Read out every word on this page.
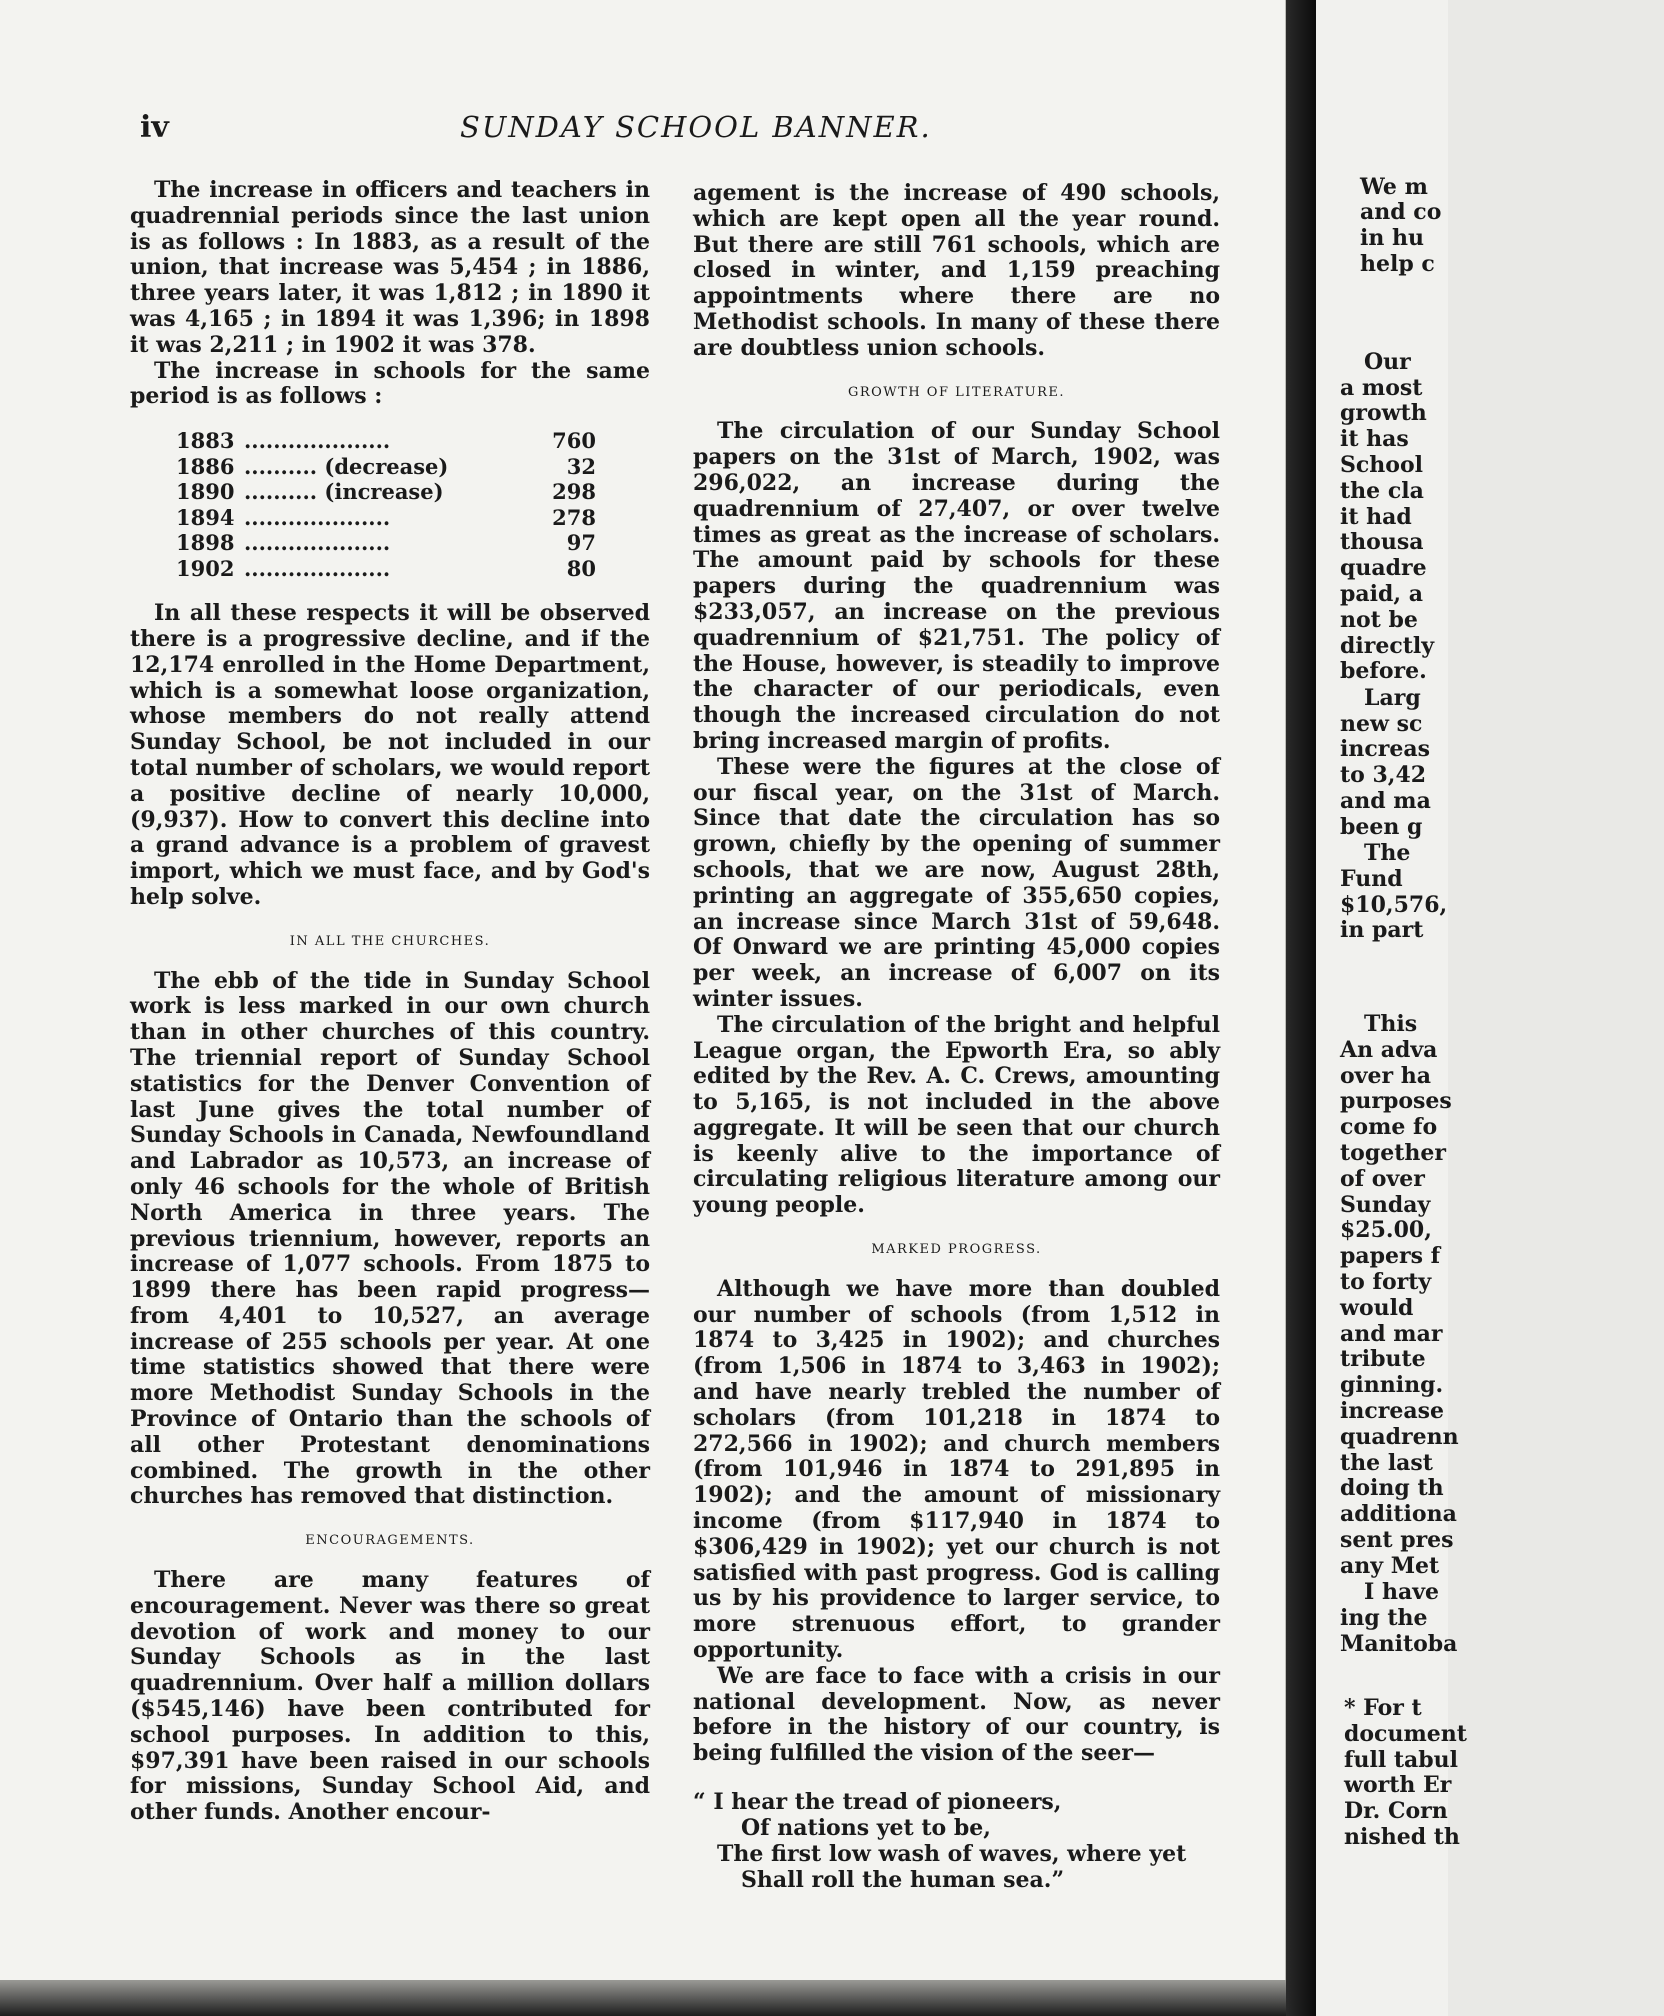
iv	SUNDAY SCHOOL BANNER.

The increase in officers and teachers in quadrennial periods since the last union is as follows : In 1883, as a result of the union, that increase was 5,454 ; in 1886, three years later, it was 1,812 ; in 1890 it was 4,165 ; in 1894 it was 1,396; in 1898 it was 2,211 ; in 1902 it was 378.

The increase in schools for the same period is as follows :

1883 ....................	760
1886 .......... (decrease)	32
1890 .......... (increase)	298
1894 ....................	278
1898 ....................	97
1902 ....................	80

In all these respects it will be observed there is a progressive decline, and if the 12,174 enrolled in the Home Department, which is a somewhat loose organization, whose members do not really attend Sunday School, be not included in our total number of scholars, we would report a positive decline of nearly 10,000, (9,937). How to convert this decline into a grand advance is a problem of gravest import, which we must face, and by God's help solve.

IN ALL THE CHURCHES.

The ebb of the tide in Sunday School work is less marked in our own church than in other churches of this country. The triennial report of Sunday School statistics for the Denver Convention of last June gives the total number of Sunday Schools in Canada, Newfoundland and Labrador as 10,573, an increase of only 46 schools for the whole of British North America in three years. The previous triennium, however, reports an increase of 1,077 schools. From 1875 to 1899 there has been rapid progress—from 4,401 to 10,527, an average increase of 255 schools per year. At one time statistics showed that there were more Methodist Sunday Schools in the Province of Ontario than the schools of all other Protestant denominations combined. The growth in the other churches has removed that distinction.

ENCOURAGEMENTS.

There are many features of encouragement. Never was there so great devotion of work and money to our Sunday Schools as in the last quadrennium. Over half a million dollars ($545,146) have been contributed for school purposes. In addition to this, $97,391 have been raised in our schools for missions, Sunday School Aid, and other funds. Another encour-

agement is the increase of 490 schools, which are kept open all the year round. But there are still 761 schools, which are closed in winter, and 1,159 preaching appointments where there are no Methodist schools. In many of these there are doubtless union schools.

GROWTH OF LITERATURE.

The circulation of our Sunday School papers on the 31st of March, 1902, was 296,022, an increase during the quadrennium of 27,407, or over twelve times as great as the increase of scholars. The amount paid by schools for these papers during the quadrennium was $233,057, an increase on the previous quadrennium of $21,751. The policy of the House, however, is steadily to improve the character of our periodicals, even though the increased circulation do not bring increased margin of profits.

These were the figures at the close of our fiscal year, on the 31st of March. Since that date the circulation has so grown, chiefly by the opening of summer schools, that we are now, August 28th, printing an aggregate of 355,650 copies, an increase since March 31st of 59,648. Of Onward we are printing 45,000 copies per week, an increase of 6,007 on its winter issues.

The circulation of the bright and helpful League organ, the Epworth Era, so ably edited by the Rev. A. C. Crews, amounting to 5,165, is not included in the above aggregate. It will be seen that our church is keenly alive to the importance of circulating religious literature among our young people.

MARKED PROGRESS.

Although we have more than doubled our number of schools (from 1,512 in 1874 to 3,425 in 1902); and churches (from 1,506 in 1874 to 3,463 in 1902); and have nearly trebled the number of scholars (from 101,218 in 1874 to 272,566 in 1902); and church members (from 101,946 in 1874 to 291,895 in 1902); and the amount of missionary income (from $117,940 in 1874 to $306,429 in 1902); yet our church is not satisfied with past progress. God is calling us by his providence to larger service, to more strenuous effort, to grander opportunity.

We are face to face with a crisis in our national development. Now, as never before in the history of our country, is being fulfilled the vision of the seer—

“ I hear the tread of pioneers,
Of nations yet to be,
The first low wash of waves, where yet
Shall roll the human sea.”
We m
and co
in hu
help c
Our
a most
growth
it has
School
the cla
it had
thousa
quadre
paid, a
not be
directly
before.
Larg
new sc
increas
to 3,42
and ma
been g
The
Fund
$10,576,
in part
This
An adva
over ha
purposes
come fo
together
of over
Sunday
$25.00,
papers f
to forty
would
and mar
tribute
ginning.
increase
quadrenn
the last
doing th
additiona
sent pres
any Met
I have
ing the
Manitoba
* For t
document
full tabul
worth Er
Dr. Corn
nished th
